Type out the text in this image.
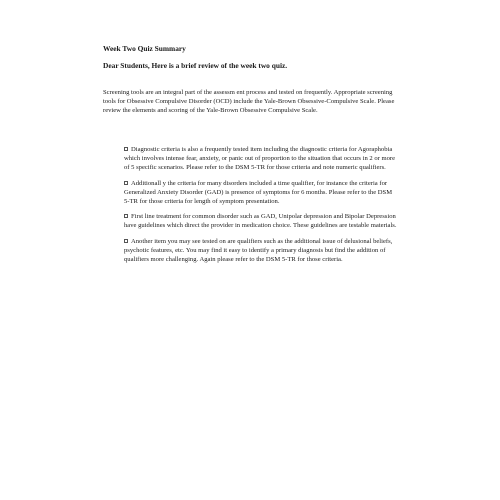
Week Two Quiz Summary

Dear Students, Here is a brief review of the week two quiz.

Screening tools are an integral part of the assessm ent process and tested on frequently. Appropriate screening tools for Obsessive Compulsive Disorder (OCD) include the Yale-Brown Obsessive-Compulsive Scale. Please review the elements and scoring of the Yale-Brown Obsessive Compulsive Scale.

Diagnostic criteria is also a frequently tested item including the diagnostic criteria for Agoraphobia which involves intense fear, anxiety, or panic out of proportion to the situation that occurs in 2 or more of 5 specific scenarios. Please refer to the DSM 5-TR for those criteria and note numeric qualifiers.
Additionall y the criteria for many disorders included a time qualifier, for instance the criteria for Generalized Anxiety Disorder (GAD) is presence of symptoms for 6 months. Please refer to the DSM 5-TR for those criteria for length of symptom presentation.
First line treatment for common disorder such as GAD, Unipolar depression and Bipolar Depression have guidelines which direct the provider in medication choice. These guidelines are testable materials.
Another item you may see tested on are qualifiers such as the additional issue of delusional beliefs, psychotic features, etc. You may find it easy to identify a primary diagnosis but find the addition of qualifiers more challenging. Again please refer to the DSM 5-TR for those criteria.
